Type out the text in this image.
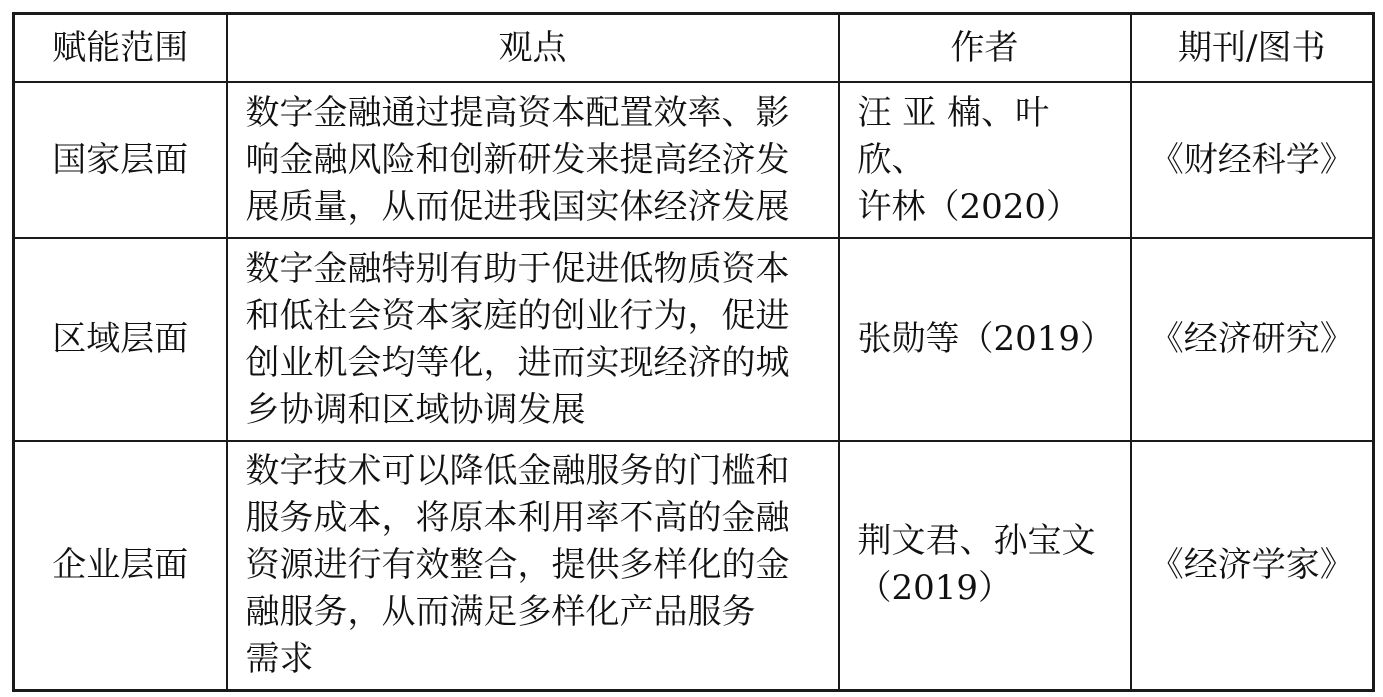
赋能范围	观点	作者	期刊/图书
国家层面	数字金融通过提高资本配置效率、影
响金融风险和创新研发来提高经济发
展质量，从而促进我国实体经济发展	汪 亚 楠、叶 欣、
许林（2020）	《财经科学》
区域层面	数字金融特别有助于促进低物质资本
和低社会资本家庭的创业行为，促进
创业机会均等化，进而实现经济的城
乡协调和区域协调发展	张勋等（2019）	《经济研究》
企业层面	数字技术可以降低金融服务的门槛和
服务成本，将原本利用率不高的金融
资源进行有效整合，提供多样化的金
融服务，从而满足多样化产品服务
需求	荆文君、孙宝文
（2019）	《经济学家》
